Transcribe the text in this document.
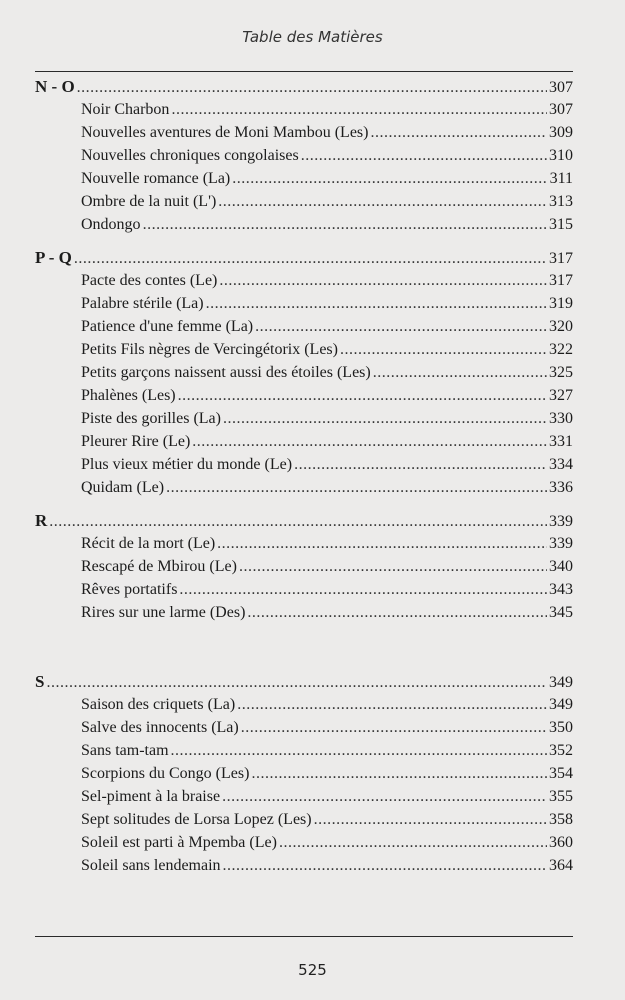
Table des Matières
N - O .....	307
Noir Charbon .....	307
Nouvelles aventures de Moni Mambou (Les) .....	309
Nouvelles chroniques congolaises .....	310
Nouvelle romance (La) .....	311
Ombre de la nuit (L') .....	313
Ondongo .....	315
P - Q .....	317
Pacte des contes (Le) .....	317
Palabre stérile (La) .....	319
Patience d'une femme (La) .....	320
Petits Fils nègres de Vercingétorix (Les) .....	322
Petits garçons naissent aussi des étoiles (Les) .....	325
Phalènes (Les) .....	327
Piste des gorilles (La) .....	330
Pleurer Rire (Le) .....	331
Plus vieux métier du monde (Le) .....	334
Quidam (Le) .....	336
R .....	339
Récit de la mort (Le) .....	339
Rescapé de Mbirou (Le) .....	340
Rêves portatifs .....	343
Rires sur une larme (Des) .....	345
S .....	349
Saison des criquets (La) .....	349
Salve des innocents (La) .....	350
Sans tam-tam .....	352
Scorpions du Congo (Les) .....	354
Sel-piment à la braise .....	355
Sept solitudes de Lorsa Lopez (Les) .....	358
Soleil est parti à Mpemba (Le) .....	360
Soleil sans lendemain .....	364
525
